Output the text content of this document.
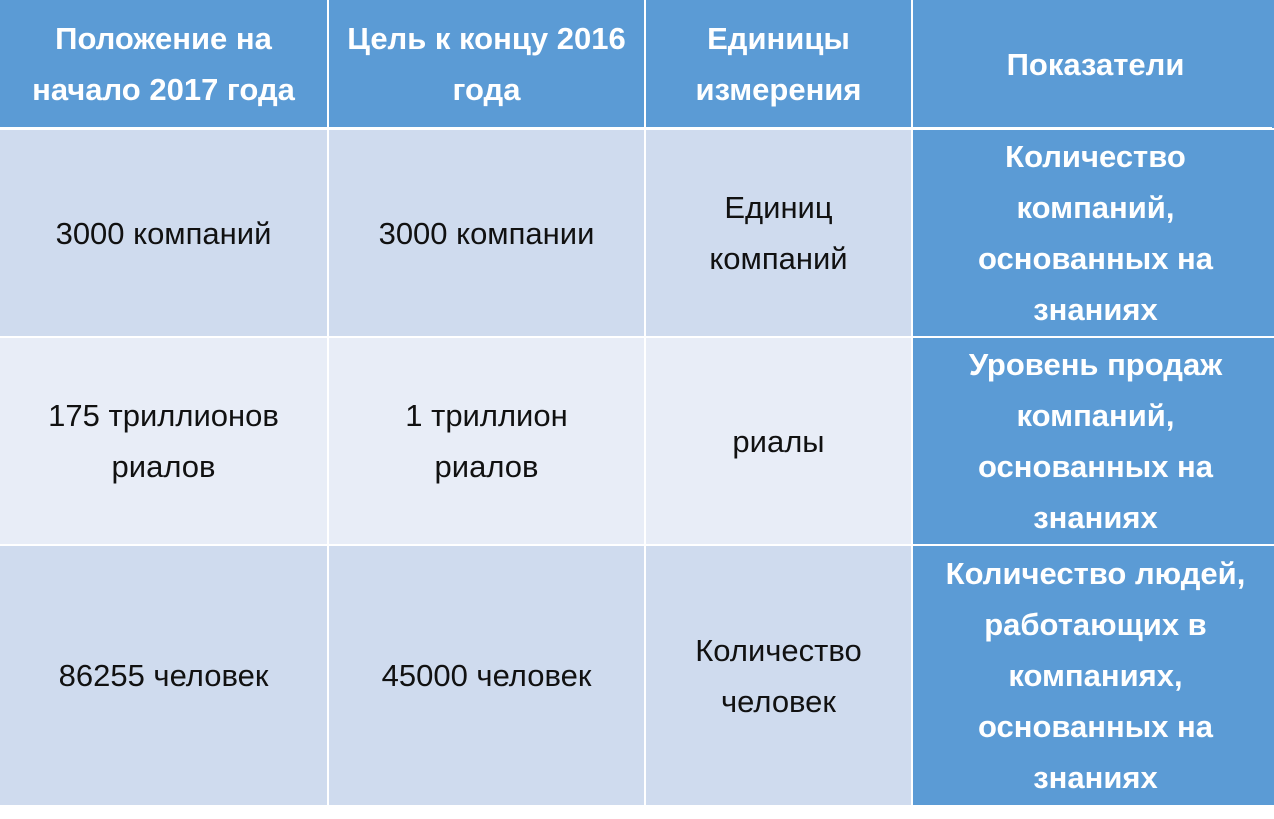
Положение на начало 2017 года
Цель к концу 2016 года
Единицы измерения
Показатели
3000 компаний	3000 компании
Единиц компаний
Количество компаний, основанных на знаниях
175 триллионов риалов
1 триллион риалов
риалы
Уровень продаж компаний, основанных на знаниях
86255 человек	45000 человек
Количество человек
Количество людей, работающих в компаниях, основанных на знаниях
